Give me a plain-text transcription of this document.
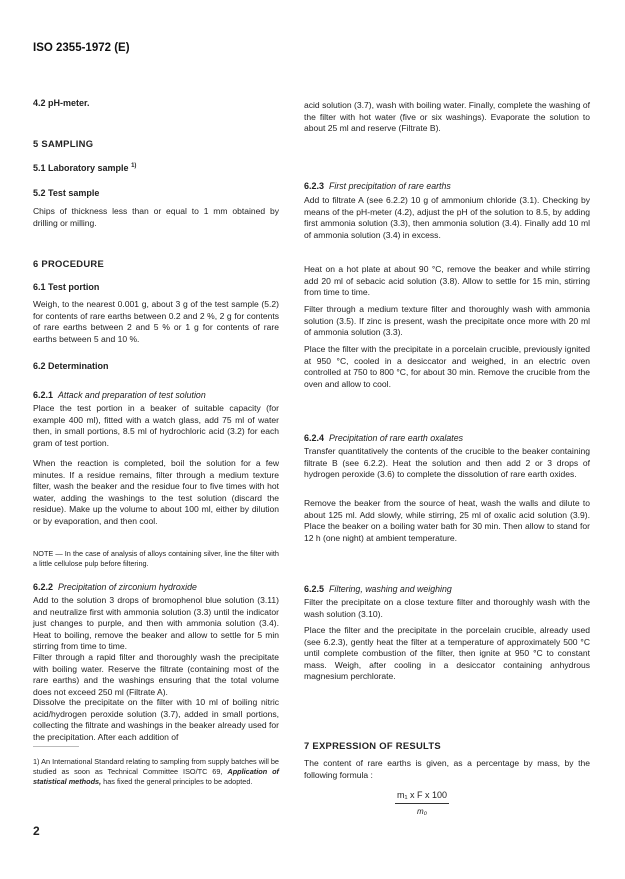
ISO 2355-1972 (E)
4.2 pH-meter.
5 SAMPLING
5.1 Laboratory sample $^{1)}$
5.2 Test sample

Chips of thickness less than or equal to 1 mm obtained by drilling or milling.

6 PROCEDURE
6.1 Test portion

Weigh, to the nearest 0.001 g, about 3 g of the test sample (5.2) for contents of rare earths between 0.2 and 2 %, 2 g for contents of rare earths between 2 and 5 % or 1 g for contents of rare earths between 5 and 10 %.

6.2 Determination
6.2.1 Attack and preparation of test solution

Place the test portion in a beaker of suitable capacity (for example 400 ml), fitted with a watch glass, add 75 ml of water then, in small portions, 8.5 ml of hydrochloric acid (3.2) for each gram of test portion.

When the reaction is completed, boil the solution for a few minutes. If a residue remains, filter through a medium texture filter, wash the beaker and the residue four to five times with hot water, adding the washings to the test solution (discard the residue). Make up the volume to about 100 ml, either by dilution or by evaporation, and then cool.

NOTE — In the case of analysis of alloys containing silver, line the filter with a little cellulose pulp before filtering.

6.2.2 Precipitation of zirconium hydroxide

Add to the solution 3 drops of bromophenol blue solution (3.11) and neutralize first with ammonia solution (3.3) until the indicator just changes to purple, and then with ammonia solution (3.4). Heat to boiling, remove the beaker and allow to settle for 5 min stirring from time to time.

Filter through a rapid filter and thoroughly wash the precipitate with boiling water. Reserve the filtrate (containing most of the rare earths) and the washings ensuring that the total volume does not exceed 250 ml (Filtrate A).

Dissolve the precipitate on the filter with 10 ml of boiling nitric acid/hydrogen peroxide solution (3.7), added in small portions, collecting the filtrate and washings in the beaker already used for the precipitation. After each addition of

1) An International Standard relating to sampling from supply batches will be studied as soon as Technical Committee ISO/TC 69, Application of statistical methods, has fixed the general principles to be adopted.

2

acid solution (3.7), wash with boiling water. Finally, complete the washing of the filter with hot water (five or six washings). Evaporate the solution to about 25 ml and reserve (Filtrate B).

6.2.3 First precipitation of rare earths

Add to filtrate A (see 6.2.2) 10 g of ammonium chloride (3.1). Checking by means of the pH-meter (4.2), adjust the pH of the solution to 8.5, by adding first ammonia solution (3.3), then ammonia solution (3.4). Finally add 10 ml of ammonia solution (3.4) in excess.

Heat on a hot plate at about 90 °C, remove the beaker and while stirring add 20 ml of sebacic acid solution (3.8). Allow to settle for 15 min, stirring from time to time.

Filter through a medium texture filter and thoroughly wash with ammonia solution (3.5). If zinc is present, wash the precipitate once more with 20 ml of ammonia solution (3.3).

Place the filter with the precipitate in a porcelain crucible, previously ignited at 950 °C, cooled in a desiccator and weighed, in an electric oven controlled at 750 to 800 °C, for about 30 min. Remove the crucible from the oven and allow to cool.

6.2.4 Precipitation of rare earth oxalates

Transfer quantitatively the contents of the crucible to the beaker containing filtrate B (see 6.2.2). Heat the solution and then add 2 or 3 drops of hydrogen peroxide (3.6) to complete the dissolution of rare earth oxides.

Remove the beaker from the source of heat, wash the walls and dilute to about 125 ml. Add slowly, while stirring, 25 ml of oxalic acid solution (3.9). Place the beaker on a boiling water bath for 30 min. Then allow to stand for 12 h (one night) at ambient temperature.

6.2.5 Filtering, washing and weighing

Filter the precipitate on a close texture filter and thoroughly wash with the wash solution (3.10).

Place the filter and the precipitate in the porcelain crucible, already used (see 6.2.3), gently heat the filter at a temperature of approximately 500 °C until complete combustion of the filter, then ignite at 950 °C to constant mass. Weigh, after cooling in a desiccator containing anhydrous magnesium perchlorate.

7 EXPRESSION OF RESULTS

The content of rare earths is given, as a percentage by mass, by the following formula :

$\frac{\text{m₁ x F x 100}}{\text{m₀}}$
